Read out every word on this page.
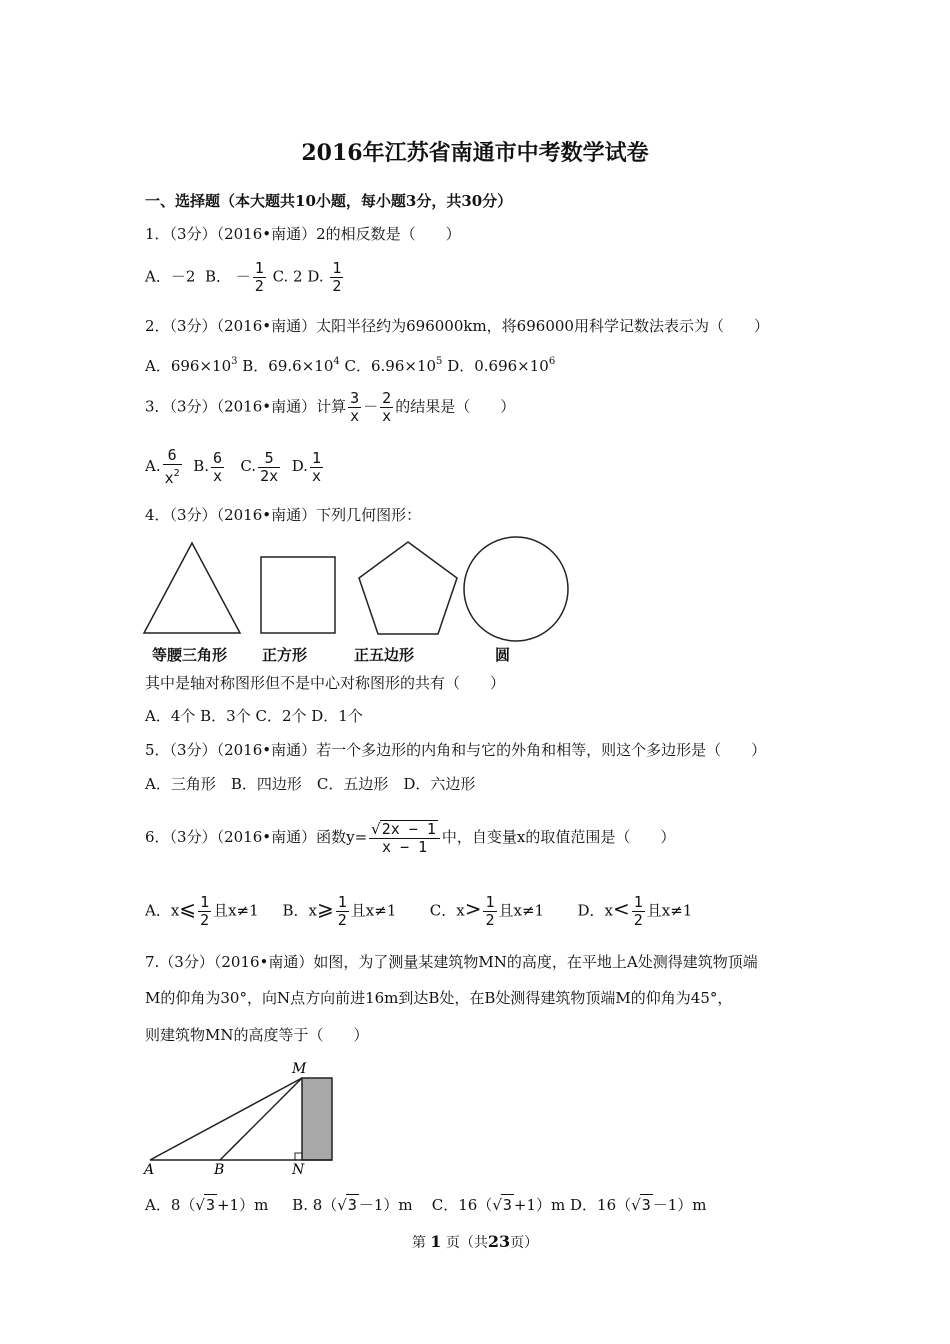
2016年江苏省南通市中考数学试卷
一、选择题（本大题共10小题，每小题3分，共30分）
1．（3分）（2016•南通）2的相反数是（　　）
A．－2 B． － $\frac{1}{2} C$. 2 D. $\frac{1}{2}$
2．（3分）（2016•南通）太阳半径约为696000km，将696000用科学记数法表示为（　　）
A．$696\times 10^3$ B．$69.6\times 10^4$ C．$6.96\times 10^5$ D．$0.696\times 10^6$
3．（3分）（2016•南通）计算 $\frac{3}{x} - \frac{2}{x}$ 的结果是（　　）
A. $\frac{6}{x^2} B$. $\frac{6}{x} C$. $\frac{5}{2x} D$. $\frac{1}{x}$
4．（3分）（2016•南通）下列几何图形：
等腰三角形 正方形	正五边形	圆
其中是轴对称图形但不是中心对称图形的共有（　　）
A．4个 B．3个 C．2个 D．1个
5．（3分）（2016•南通）若一个多边形的内角和与它的外角和相等，则这个多边形是（　　）
A．三角形　B．四边形　C．五边形　D．六边形
6．（3分）（2016•南通）函数$y= \frac{√2x - 1}{x - 1}$ 中，自变量x的取值范围是（　　）
A．x⩽ $\frac{1}{2}$ 且x≠1 B．x⩾ $\frac{1}{2}$ 且x≠1 C．$x> \frac{1}{2}$ 且x≠1 D．$x< \frac{1}{2}$ 且x≠1
7.（3分）（2016•南通）如图，为了测量某建筑物MN的高度，在平地上A处测得建筑物顶端
M的仰角为30°，向N点方向前进16m到达B处，在B处测得建筑物顶端M的仰角为45°，
则建筑物MN的高度等于（　　）
M
A	B	N
A．8（√3 +1）m B. 8（√3 －1）m C．16（√3 +1）m D．16（√3 －1）m
第 1 页（共23页）
